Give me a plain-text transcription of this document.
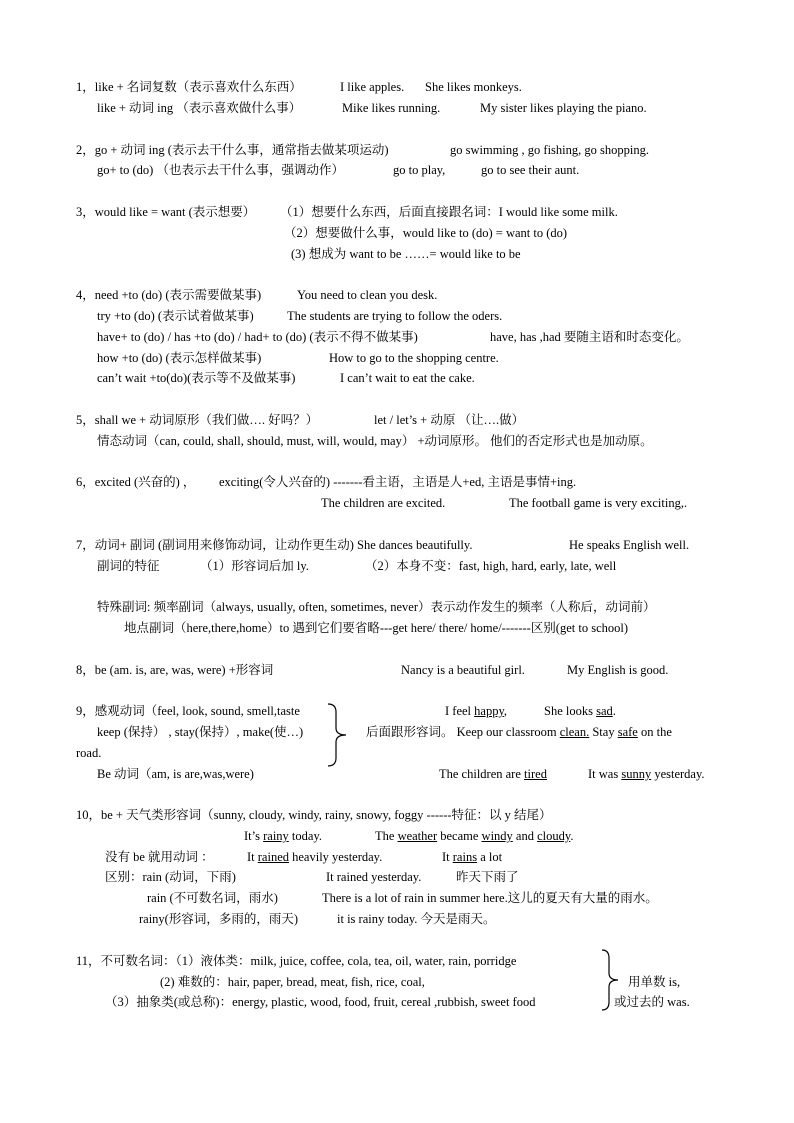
1，like + 名词复数（表示喜欢什么东西）	I like apples. She likes monkeys.
like + 动词 ing （表示喜欢做什么事）	Mike likes running.	My sister likes playing the piano.
2，go + 动词 ing (表示去干什么事，通常指去做某项运动)	go swimming , go fishing, go shopping.
go+ to (do) （也表示去干什么事，强调动作）	go to play,	go to see their aunt.
3，would like = want (表示想要） （1）想要什么东西，后面直接跟名词：I would like some milk.
（2）想要做什么事，would like to (do) = want to (do)
(3) 想成为 want to be ……= would like to be
4，need +to (do) (表示需要做某事)	You need to clean you desk.
try +to (do) (表示试着做某事)	The students are trying to follow the oders.
have+ to (do) / has +to (do) / had+ to (do) (表示不得不做某事)	have, has ,had 要随主语和时态变化。
how +to (do) (表示怎样做某事)	How to go to the shopping centre.
can’t wait +to(do)(表示等不及做某事)	I can’t wait to eat the cake.
5，shall we + 动词原形（我们做…. 好吗？）	let / let’s + 动原 （让….做）
情态动词（can, could, shall, should, must, will, would, may） +动词原形。 他们的否定形式也是加动原。
6，excited (兴奋的) ， exciting(令人兴奋的) -------看主语，主语是人+ed, 主语是事情+ing.
The children are excited.	The football game is very exciting,.
7，动词+ 副词 (副词用来修饰动词，让动作更生动) She dances beautifully.	He speaks English well.
副词的特征	（1）形容词后加 ly.	（2）本身不变：fast, high, hard, early, late, well
特殊副词: 频率副词（always, usually, often, sometimes, never）表示动作发生的频率（人称后，动词前）
地点副词（here,there,home）to 遇到它们要省略---get here/ there/ home/-------区别(get to school)
8，be (am. is, are, was, were) +形容词	Nancy is a beautiful girl.	My English is good.
9，感观动词（feel, look, sound, smell,taste	I feel happy,	She looks sad.
keep (保持） , stay(保持）, make(使…)	后面跟形容词。 Keep our classroom clean. Stay safe on the
road.
Be 动词（am, is are,was,were)	The children are tired	It was sunny yesterday.
10，be + 天气类形容词（sunny, cloudy, windy, rainy, snowy, foggy ------特征：以 y 结尾）
It’s rainy today.	The weather became windy and cloudy.
没有 be 就用动词 ：	It rained heavily yesterday.	It rains a lot
区别：rain (动词，下雨)	It rained yesterday.	昨天下雨了
rain (不可数名词，雨水)	There is a lot of rain in summer here.这儿的夏天有大量的雨水。
rainy(形容词，多雨的，雨天)	it is rainy today. 今天是雨天。
11，不可数名词：（1）液体类：milk, juice, coffee, cola, tea, oil, water, rain, porridge
(2) 难数的：hair, paper, bread, meat, fish, rice, coal,
（3）抽象类(或总称)：energy, plastic, wood, food, fruit, cereal ,rubbish, sweet food
用单数 is,
或过去的 was.
